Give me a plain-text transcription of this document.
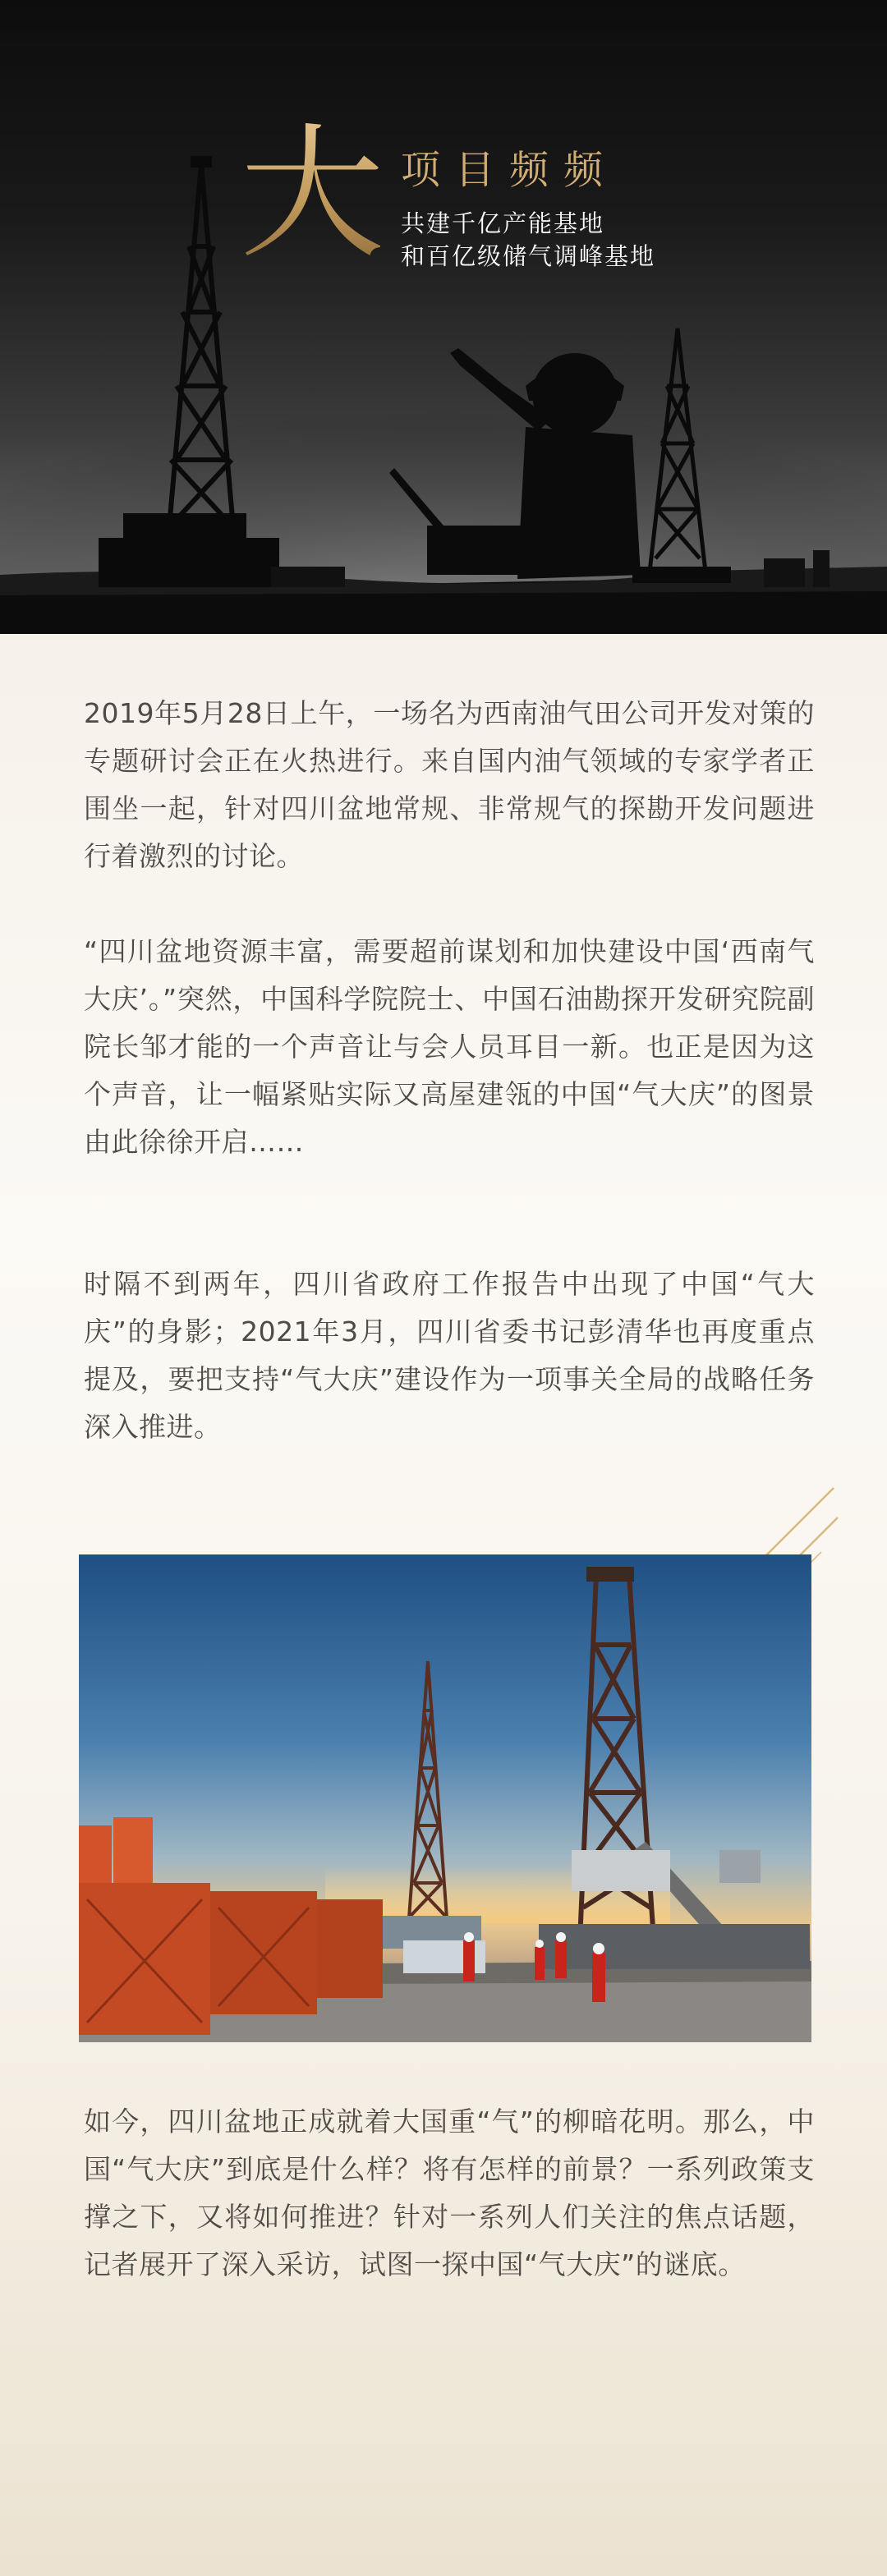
大 项目频频
共建千亿产能基地
和百亿级储气调峰基地

2019年5月28日上午，一场名为西南油气田公司开发对策的专题研讨会正在火热进行。来自国内油气领域的专家学者正围坐一起，针对四川盆地常规、非常规气的探勘开发问题进行着激烈的讨论。

“四川盆地资源丰富，需要超前谋划和加快建设中国‘西南气大庆’。”突然，中国科学院院士、中国石油勘探开发研究院副院长邹才能的一个声音让与会人员耳目一新。也正是因为这个声音，让一幅紧贴实际又高屋建瓴的中国“气大庆”的图景由此徐徐开启……

时隔不到两年，四川省政府工作报告中出现了中国“气大庆”的身影；2021年3月，四川省委书记彭清华也再度重点提及，要把支持“气大庆”建设作为一项事关全局的战略任务深入推进。

如今，四川盆地正成就着大国重“气”的柳暗花明。那么，中国“气大庆”到底是什么样？将有怎样的前景？一系列政策支撑之下，又将如何推进？针对一系列人们关注的焦点话题，记者展开了深入采访，试图一探中国“气大庆”的谜底。
